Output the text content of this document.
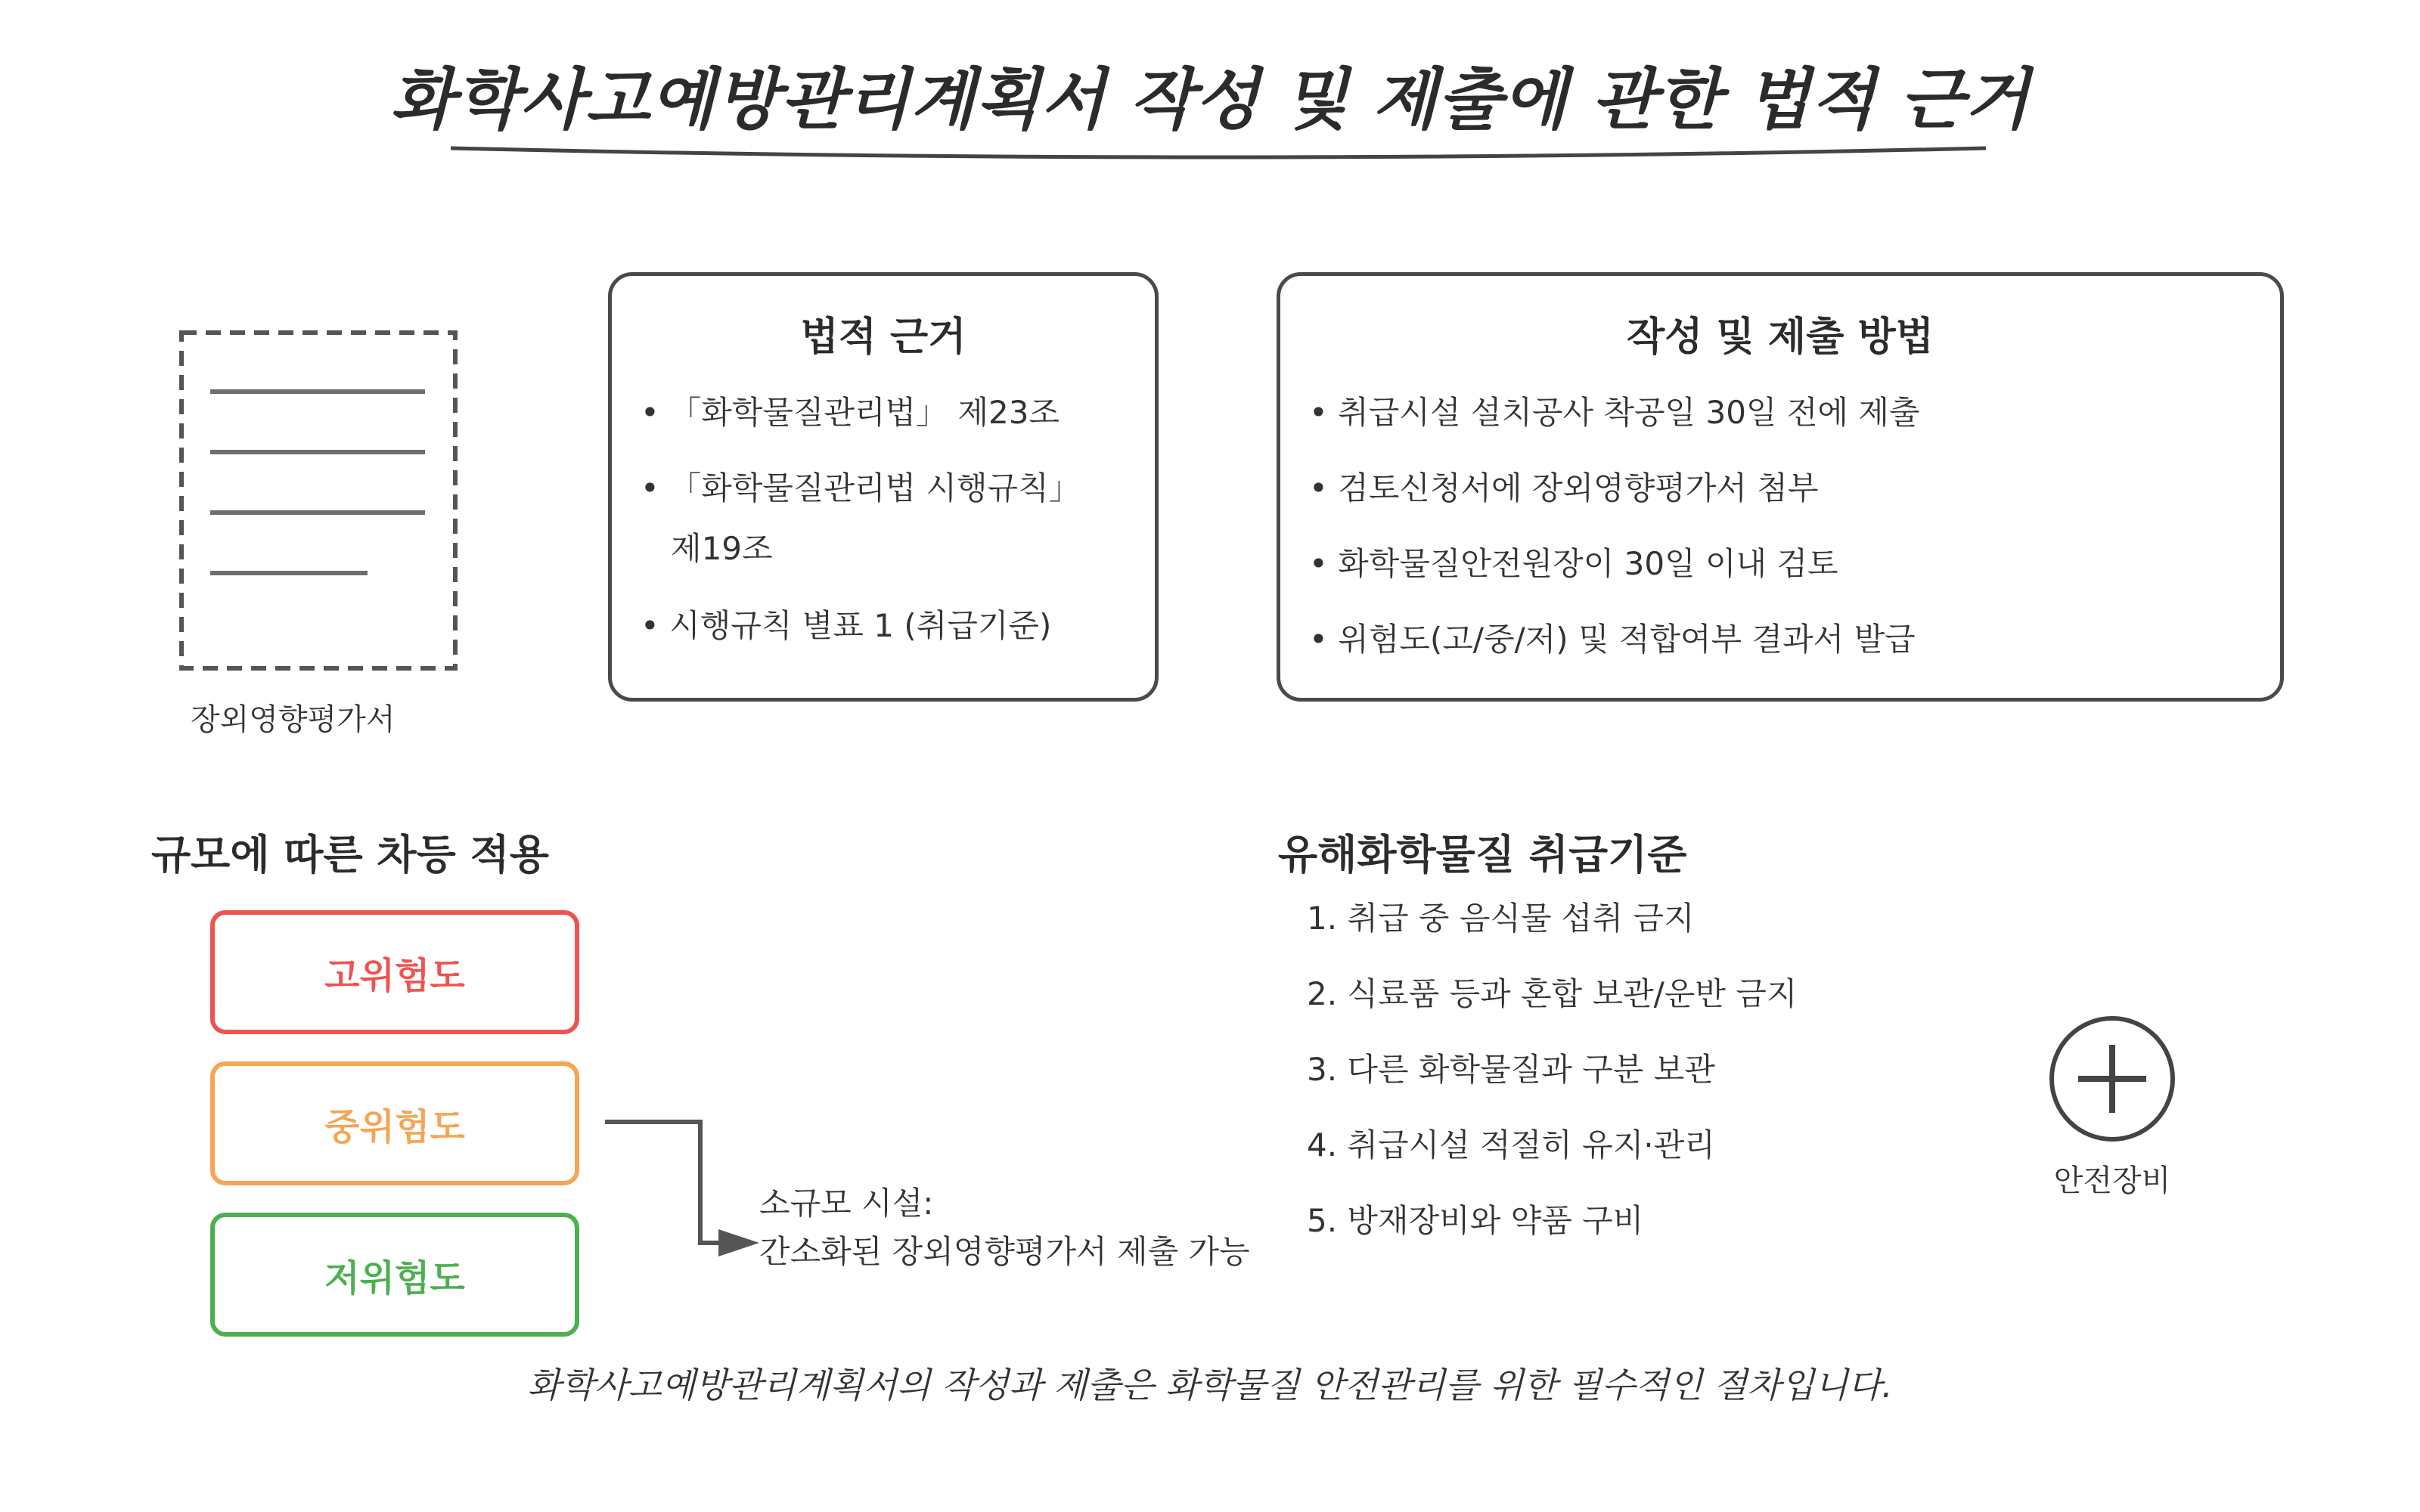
화학사고예방관리계획서 작성 및 제출에 관한 법적 근거
장외영향평가서
법적 근거
• 「화학물질관리법」 제23조
• 「화학물질관리법 시행규칙」
제19조
• 시행규칙 별표 1 (취급기준)
작성 및 제출 방법
• 취급시설 설치공사 착공일 30일 전에 제출
• 검토신청서에 장외영향평가서 첨부
• 화학물질안전원장이 30일 이내 검토
• 위험도(고/중/저) 및 적합여부 결과서 발급
규모에 따른 차등 적용
고위험도
중위험도
저위험도
소규모 시설:
간소화된 장외영향평가서 제출 가능
유해화학물질 취급기준
1. 취급 중 음식물 섭취 금지
2. 식료품 등과 혼합 보관/운반 금지
3. 다른 화학물질과 구분 보관
4. 취급시설 적절히 유지·관리
5. 방재장비와 약품 구비
안전장비
화학사고예방관리계획서의 작성과 제출은 화학물질 안전관리를 위한 필수적인 절차입니다.
